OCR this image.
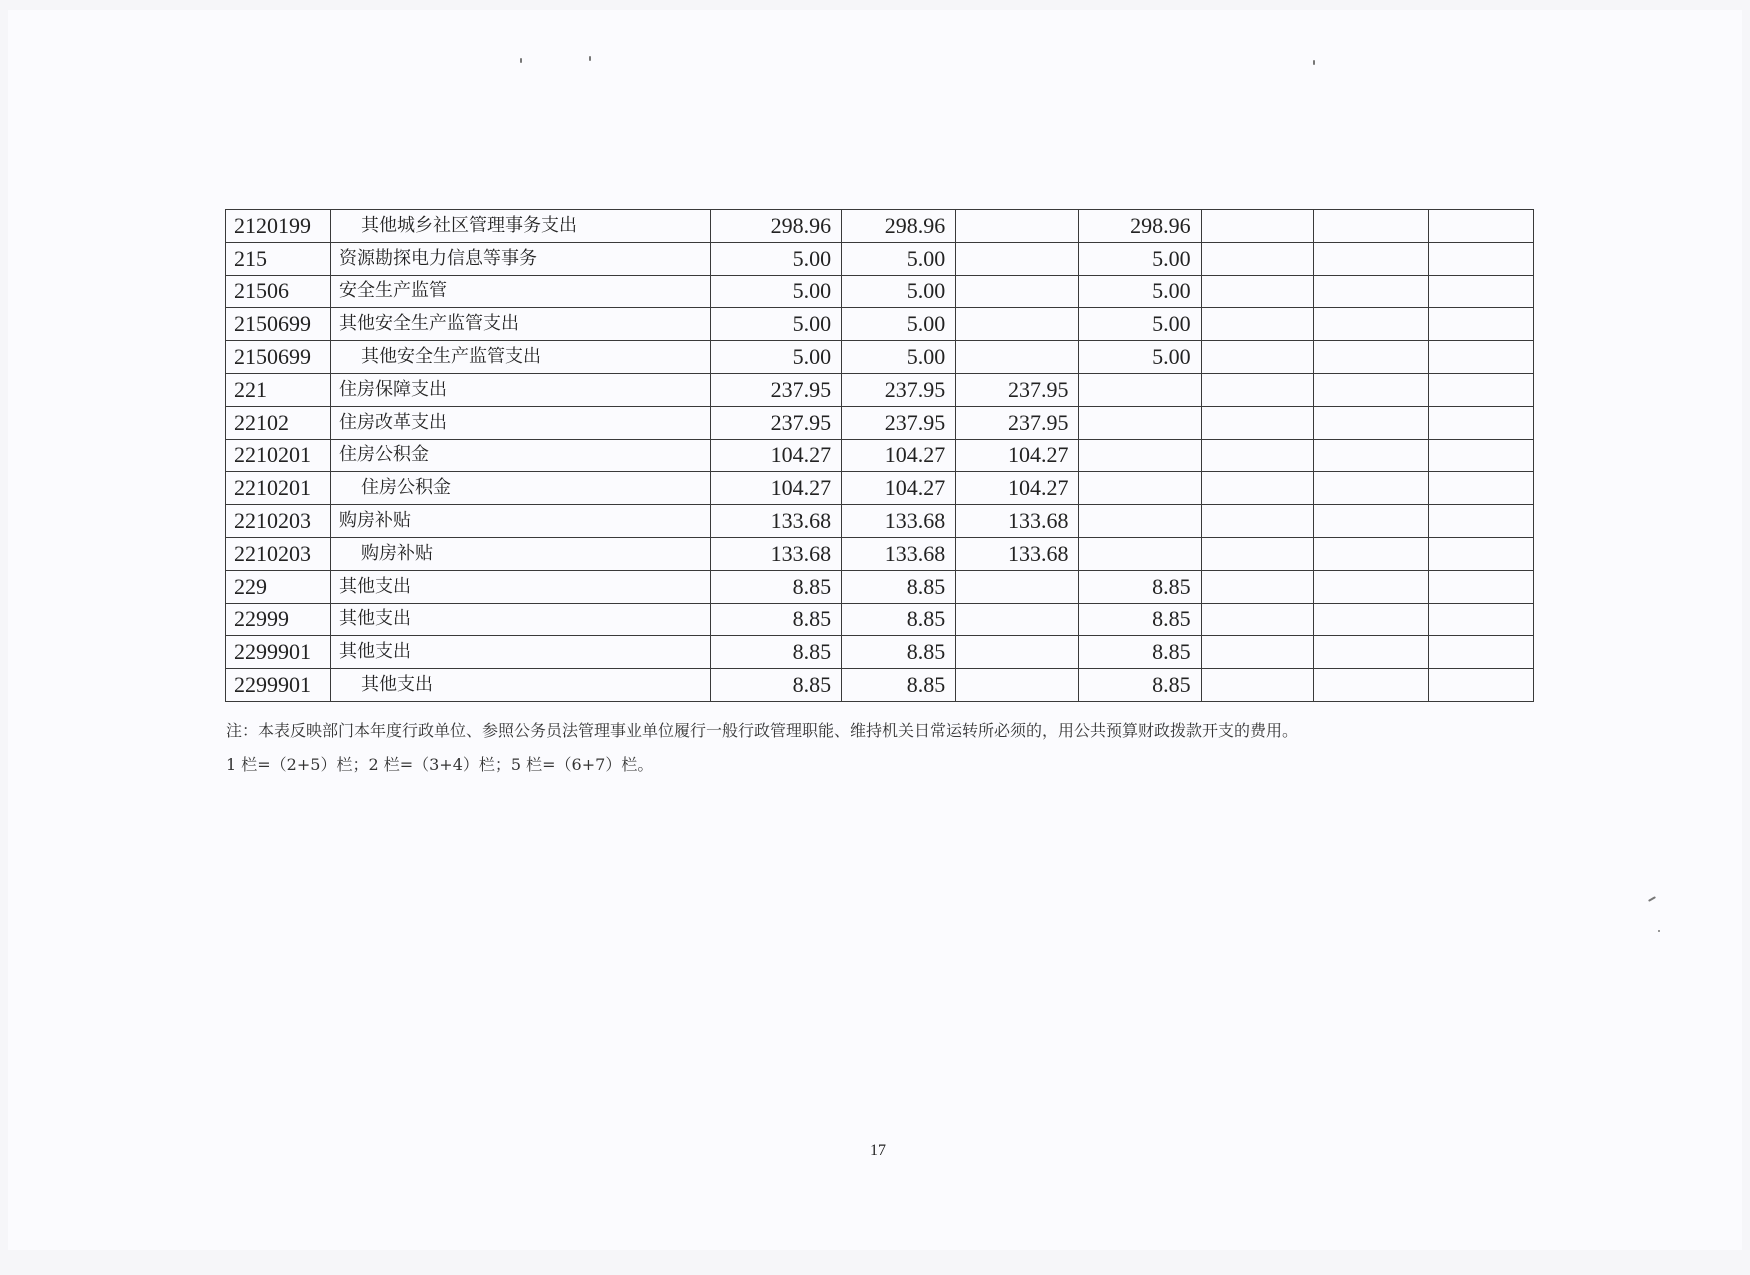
2120199	其他城乡社区管理事务支出	298.96	298.96		298.96			
215	资源勘探电力信息等事务	5.00	5.00		5.00			
21506	安全生产监管	5.00	5.00		5.00			
2150699	其他安全生产监管支出	5.00	5.00		5.00			
2150699	其他安全生产监管支出	5.00	5.00		5.00			
221	住房保障支出	237.95	237.95	237.95				
22102	住房改革支出	237.95	237.95	237.95				
2210201	住房公积金	104.27	104.27	104.27				
2210201	住房公积金	104.27	104.27	104.27				
2210203	购房补贴	133.68	133.68	133.68				
2210203	购房补贴	133.68	133.68	133.68				
229	其他支出	8.85	8.85		8.85			
22999	其他支出	8.85	8.85		8.85			
2299901	其他支出	8.85	8.85		8.85			
2299901	其他支出	8.85	8.85		8.85			
注：本表反映部门本年度行政单位、参照公务员法管理事业单位履行一般行政管理职能、维持机关日常运转所必须的，用公共预算财政拨款开支的费用。
1 栏=（2+5）栏；2 栏=（3+4）栏；5 栏=（6+7）栏。
17
